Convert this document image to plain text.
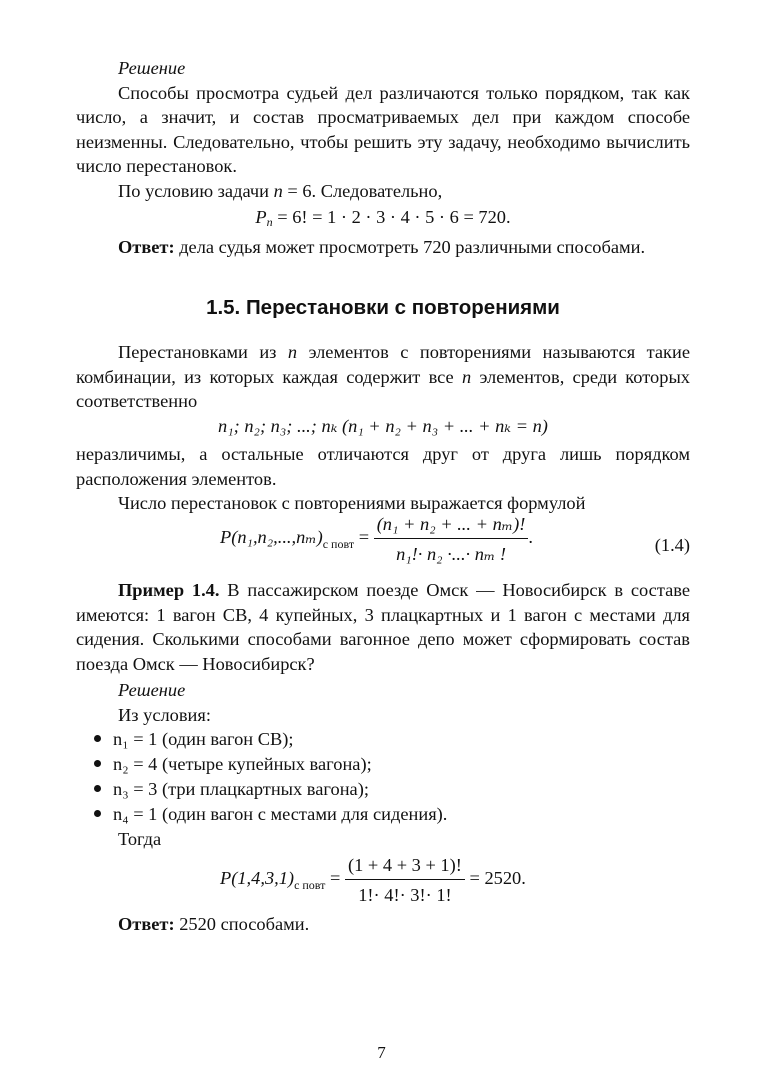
Решение

Способы просмотра судьей дел различаются только порядком, так как число, а значит, и состав просматриваемых дел при каждом способе неизменны. Следовательно, чтобы решить эту задачу, необходимо вычислить число перестановок.

По условию задачи n = 6. Следовательно,

$P_n = 6$! = 1 · 2 · 3 · 4 · 5 · 6 = 720.

Ответ: дела судья может просмотреть 720 различными способами.

1.5. Перестановки с повторениями

Перестановками из n элементов с повторениями называются такие комбинации, из которых каждая содержит все n элементов, среди которых соответственно

n₁; n₂; n₃; ...; nₖ (n₁ + n₂ + n₃ + ... + nₖ = n)

неразличимы, а остальные отличаются друг от друга лишь порядком расположения элементов.

Число перестановок с повторениями выражается формулой

$P(n_1,n_2,...,n_m)_{с повт} = \frac{\text{(n₁ + n₂ + ... + nₘ)!}}{\text{n₁!· n₂ ·...· nₘ !}}$ .	(1.4)

Пример 1.4. В пассажирском поезде Омск — Новосибирск в составе имеются: 1 вагон СВ, 4 купейных, 3 плацкартных и 1 вагон с местами для сидения. Сколькими способами вагонное депо может сформировать состав поезда Омск — Новосибирск?

Решение

Из условия:

n₁ = 1 (один вагон СВ);
n₂ = 4 (четыре купейных вагона);
n₃ = 3 (три плацкартных вагона);
n₄ = 1 (один вагон с местами для сидения).

Тогда

$P(1,4,3,1)_{с повт} = \frac{(1 + 4 + 3 + 1)!}{1!\cdot 4!\cdot 3!\cdot 1!} = 2520$.

Ответ: 2520 способами.

7
